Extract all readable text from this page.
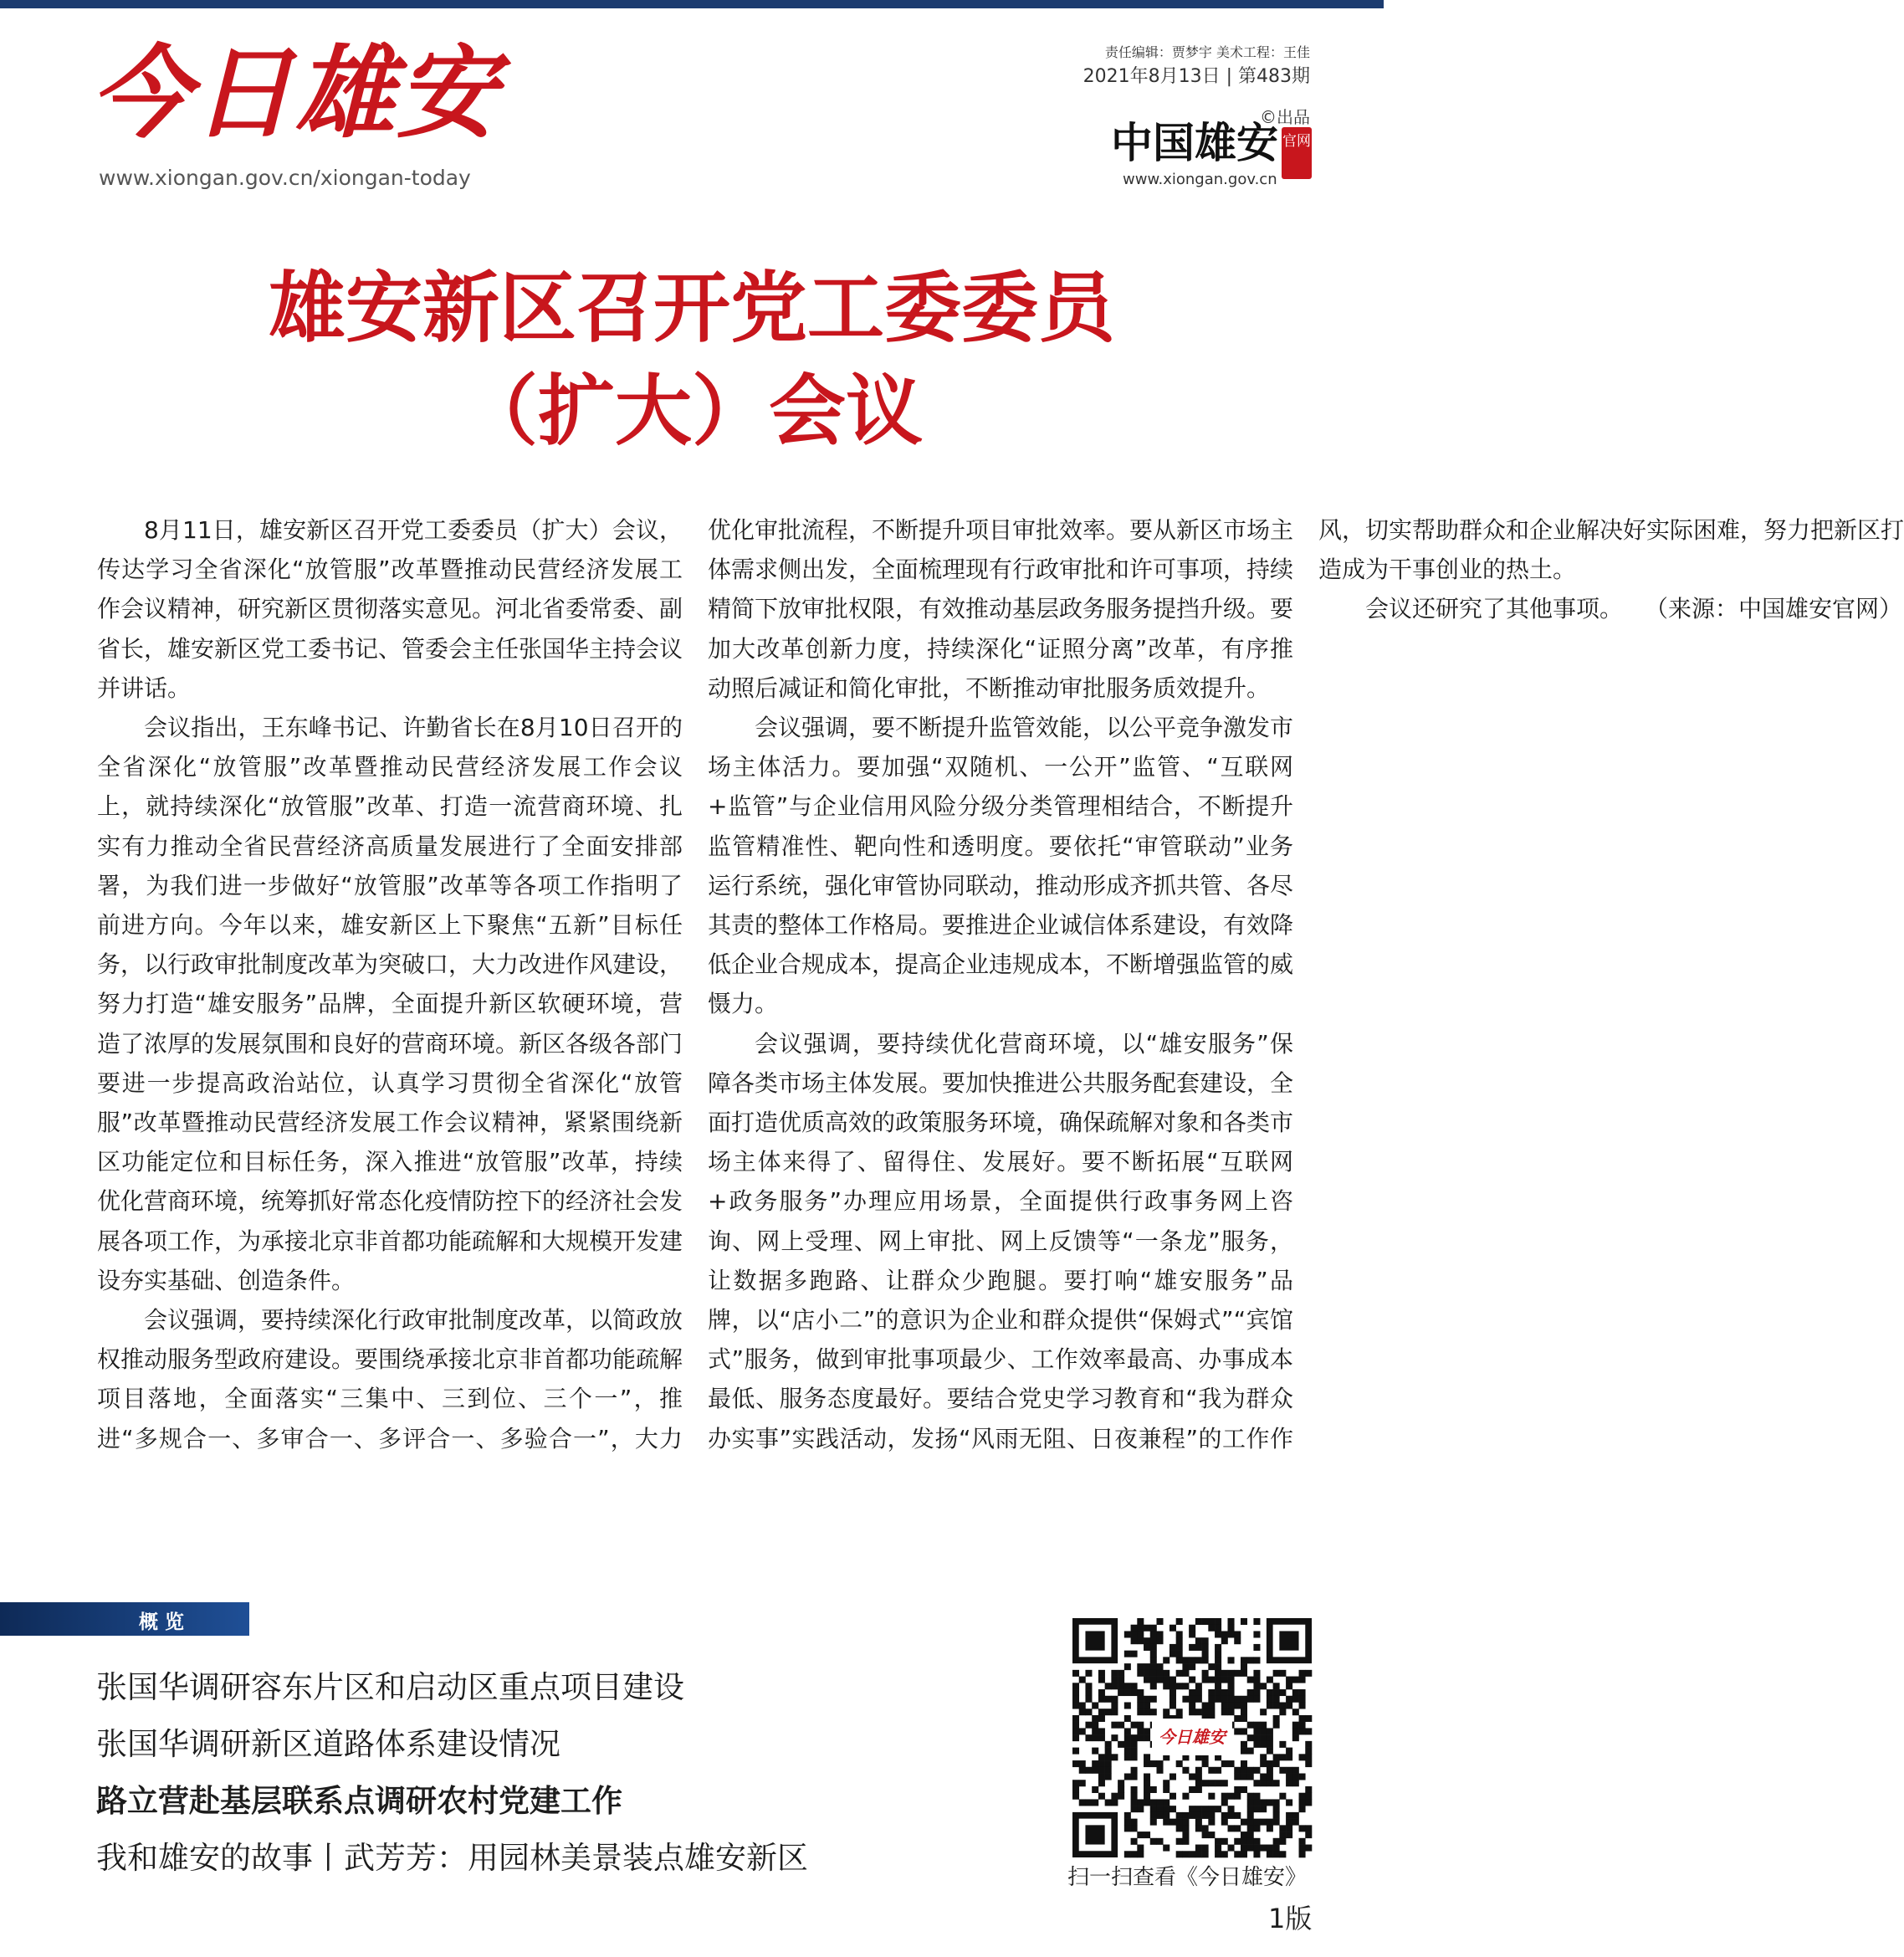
今日雄安
www.xiongan.gov.cn/xiongan-today
责任编辑：贾梦宇 美术工程：王佳
2021年8月13日 | 第483期
©出品
中国雄安 官网
www.xiongan.gov.cn
雄安新区召开党工委委员
（扩大）会议

8月11日，雄安新区召开党工委委员（扩大）会议，传达学习全省深化“放管服”改革暨推动民营经济发展工作会议精神，研究新区贯彻落实意见。河北省委常委、副省长，雄安新区党工委书记、管委会主任张国华主持会议并讲话。

会议指出，王东峰书记、许勤省长在8月10日召开的全省深化“放管服”改革暨推动民营经济发展工作会议上，就持续深化“放管服”改革、打造一流营商环境、扎实有力推动全省民营经济高质量发展进行了全面安排部署，为我们进一步做好“放管服”改革等各项工作指明了前进方向。今年以来，雄安新区上下聚焦“五新”目标任务，以行政审批制度改革为突破口，大力改进作风建设，努力打造“雄安服务”品牌，全面提升新区软硬环境，营造了浓厚的发展氛围和良好的营商环境。新区各级各部门要进一步提高政治站位，认真学习贯彻全省深化“放管服”改革暨推动民营经济发展工作会议精神，紧紧围绕新区功能定位和目标任务，深入推进“放管服”改革，持续优化营商环境，统筹抓好常态化疫情防控下的经济社会发展各项工作，为承接北京非首都功能疏解和大规模开发建设夯实基础、创造条件。

会议强调，要持续深化行政审批制度改革，以简政放权推动服务型政府建设。要围绕承接北京非首都功能疏解项目落地，全面落实“三集中、三到位、三个一”，推进“多规合一、多审合一、多评合一、多验合一”，大力优化审批流程，不断提升项目审批效率。要从新区市场主体需求侧出发，全面梳理现有行政审批和许可事项，持续精简下放审批权限，有效推动基层政务服务提挡升级。要加大改革创新力度，持续深化“证照分离”改革，有序推动照后减证和简化审批，不断推动审批服务质效提升。

会议强调，要不断提升监管效能，以公平竞争激发市场主体活力。要加强“双随机、一公开”监管、“互联网+监管”与企业信用风险分级分类管理相结合，不断提升监管精准性、靶向性和透明度。要依托“审管联动”业务运行系统，强化审管协同联动，推动形成齐抓共管、各尽其责的整体工作格局。要推进企业诚信体系建设，有效降低企业合规成本，提高企业违规成本，不断增强监管的威慑力。

会议强调，要持续优化营商环境，以“雄安服务”保障各类市场主体发展。要加快推进公共服务配套建设，全面打造优质高效的政策服务环境，确保疏解对象和各类市场主体来得了、留得住、发展好。要不断拓展“互联网+政务服务”办理应用场景，全面提供行政事务网上咨询、网上受理、网上审批、网上反馈等“一条龙”服务，让数据多跑路、让群众少跑腿。要打响“雄安服务”品牌，以“店小二”的意识为企业和群众提供“保姆式”“宾馆式”服务，做到审批事项最少、工作效率最高、办事成本最低、服务态度最好。要结合党史学习教育和“我为群众办实事”实践活动，发扬“风雨无阻、日夜兼程”的工作作风，切实帮助群众和企业解决好实际困难，努力把新区打造成为干事创业的热土。

会议还研究了其他事项。 （来源：中国雄安官网）

概览
张国华调研容东片区和启动区重点项目建设
张国华调研新区道路体系建设情况
路立营赴基层联系点调研农村党建工作
我和雄安的故事丨武芳芳：用园林美景装点雄安新区
今日雄安
扫一扫查看《今日雄安》
1版
